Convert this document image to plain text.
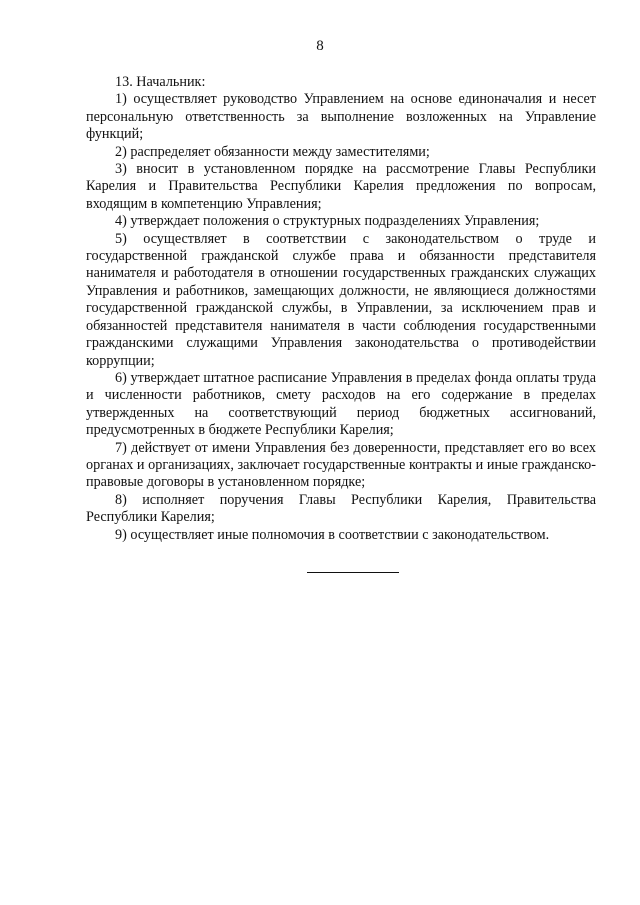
8

13. Начальник:

1) осуществляет руководство Управлением на основе единоначалия и несет персональную ответственность за выполнение возложенных на Управление функций;

2) распределяет обязанности между заместителями;

3) вносит в установленном порядке на рассмотрение Главы Республики Карелия и Правительства Республики Карелия предложения по вопросам, входящим в компетенцию Управления;

4) утверждает положения о структурных подразделениях Управления;

5) осуществляет в соответствии с законодательством о труде и государственной гражданской службе права и обязанности представителя нанимателя и работодателя в отношении государственных гражданских служащих Управления и работников, замещающих должности, не являющиеся должностями государственной гражданской службы, в Управлении, за исключением прав и обязанностей представителя нанимателя в части соблюдения государственными гражданскими служащими Управления законодательства о противодействии коррупции;

6) утверждает штатное расписание Управления в пределах фонда оплаты труда и численности работников, смету расходов на его содержание в пределах утвержденных на соответствующий период бюджетных ассигнований, предусмотренных в бюджете Республики Карелия;

7) действует от имени Управления без доверенности, представляет его во всех органах и организациях, заключает государственные контракты и иные гражданско-правовые договоры в установленном порядке;

8) исполняет поручения Главы Республики Карелия, Правительства Республики Карелия;

9) осуществляет иные полномочия в соответствии с законодательством.
